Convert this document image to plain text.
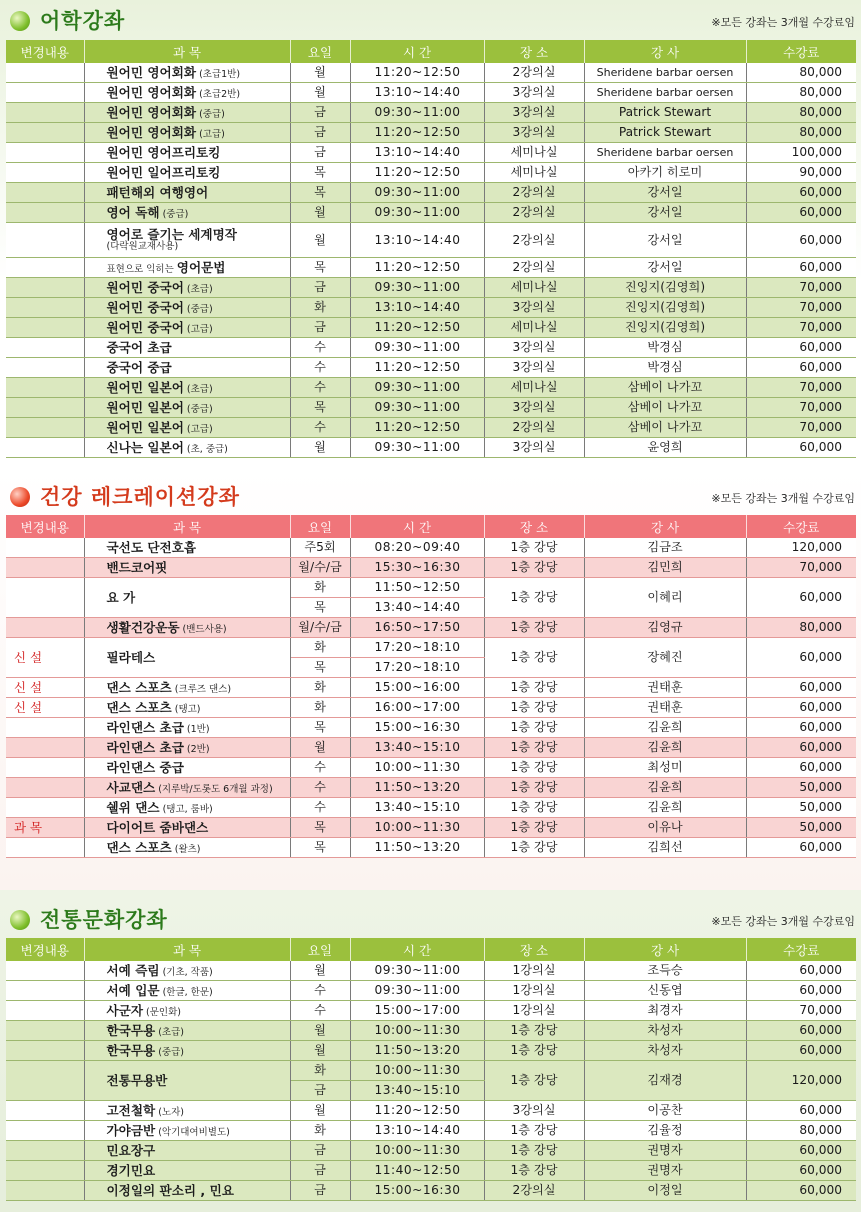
어학강좌	※모든 강좌는 3개월 수강료임
변경내용	과 목	요일	시 간	장 소	강 사	수강료
	원어민 영어회화 (초급1반)	월	11:20~12:50	2강의실	Sheridene barbar oersen	80,000
	원어민 영어회화 (초급2반)	월	13:10~14:40	3강의실	Sheridene barbar oersen	80,000
	원어민 영어회화 (중급)	금	09:30~11:00	3강의실	Patrick Stewart	80,000
	원어민 영어회화 (고급)	금	11:20~12:50	3강의실	Patrick Stewart	80,000
	원어민 영어프리토킹	금	13:10~14:40	세미나실	Sheridene barbar oersen	100,000
	원어민 일어프리토킹	목	11:20~12:50	세미나실	아카기 히로미	90,000
	패턴해외 여행영어	목	09:30~11:00	2강의실	강서일	60,000
	영어 독해 (중급)	월	09:30~11:00	2강의실	강서일	60,000
	영어로 즐기는 세계명작
(다락원교재사용)	월	13:10~14:40	2강의실	강서일	60,000
	표현으로 익히는 영어문법	목	11:20~12:50	2강의실	강서일	60,000
	원어민 중국어 (초급)	금	09:30~11:00	세미나실	진잉지(김영희)	70,000
	원어민 중국어 (중급)	화	13:10~14:40	3강의실	진잉지(김영희)	70,000
	원어민 중국어 (고급)	금	11:20~12:50	세미나실	진잉지(김영희)	70,000
	중국어 초급	수	09:30~11:00	3강의실	박경심	60,000
	중국어 중급	수	11:20~12:50	3강의실	박경심	60,000
	원어민 일본어 (초급)	수	09:30~11:00	세미나실	삼베이 나가꼬	70,000
	원어민 일본어 (중급)	목	09:30~11:00	3강의실	삼베이 나가꼬	70,000
	원어민 일본어 (고급)	수	11:20~12:50	2강의실	삼베이 나가꼬	70,000
	신나는 일본어 (초, 중급)	월	09:30~11:00	3강의실	윤영희	60,000
건강 레크레이션강좌	※모든 강좌는 3개월 수강료임
변경내용	과 목	요일	시 간	장 소	강 사	수강료
	국선도 단전호흡	주5회	08:20~09:40	1층 강당	김금조	120,000
	밴드코어핏	월/수/금	15:30~16:30	1층 강당	김민희	70,000
	요 가	화	11:50~12:50	1층 강당	이혜리	60,000
		목	13:40~14:40			
	생활건강운동 (밴드사용)	월/수/금	16:50~17:50	1층 강당	김영규	80,000
신 설	필라테스	화	17:20~18:10	1층 강당	장혜진	60,000
		목	17:20~18:10			
신 설	댄스 스포츠 (크루즈 댄스)	화	15:00~16:00	1층 강당	권태훈	60,000
신 설	댄스 스포츠 (탱고)	화	16:00~17:00	1층 강당	권태훈	60,000
	라인댄스 초급 (1반)	목	15:00~16:30	1층 강당	김윤희	60,000
	라인댄스 초급 (2반)	월	13:40~15:10	1층 강당	김윤희	60,000
	라인댄스 중급	수	10:00~11:30	1층 강당	최성미	60,000
	사교댄스 (지루박/도롯도 6개월 과정)	수	11:50~13:20	1층 강당	김윤희	50,000
	쉘위 댄스 (탱고, 룸바)	수	13:40~15:10	1층 강당	김윤희	50,000
과 목	다이어트 줌바댄스	목	10:00~11:30	1층 강당	이유나	50,000
	댄스 스포츠 (왈츠)	목	11:50~13:20	1층 강당	김희선	60,000
전통문화강좌	※모든 강좌는 3개월 수강료임
변경내용	과 목	요일	시 간	장 소	강 사	수강료
	서예 즉림 (기초, 작품)	월	09:30~11:00	1강의실	조득승	60,000
	서예 입문 (한글, 한문)	수	09:30~11:00	1강의실	신동엽	60,000
	사군자 (문인화)	수	15:00~17:00	1강의실	최경자	70,000
	한국무용 (초급)	월	10:00~11:30	1층 강당	차성자	60,000
	한국무용 (중급)	월	11:50~13:20	1층 강당	차성자	60,000
	전통무용반	화	10:00~11:30	1층 강당	김재경	120,000
		금	13:40~15:10			
	고전철학 (노자)	월	11:20~12:50	3강의실	이공찬	60,000
	가야금반 (악기대여비별도)	화	13:10~14:40	1층 강당	김율정	80,000
	민요장구	금	10:00~11:30	1층 강당	권명자	60,000
	경기민요	금	11:40~12:50	1층 강당	권명자	60,000
	이정일의 판소리 , 민요	금	15:00~16:30	2강의실	이정일	60,000
